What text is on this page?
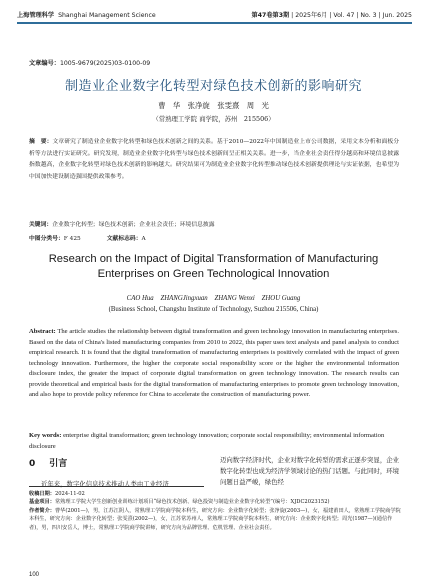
上海管理科学 Shanghai Management Science	第47卷第3期 | 2025年6月 | Vol. 47 | No. 3 | Jun. 2025
文章编号：1005-9679(2025)03-0100-09
制造业企业数字化转型对绿色技术创新的影响研究
曹　华　张净旋　张雯熹　周　光
（常熟理工学院 商学院，苏州　215506）
摘　要：文章研究了制造业企业数字化转型和绿色技术创新之间的关系。基于2010—2022年中国制造业上市公司数据，采用文本分析和面板分析等方法进行实证研究。研究发现，制造业企业数字化转型与绿色技术创新间呈正相关关系。进一步，当企业社会责任得分越高和环境信息披露指数越高，企业数字化转型对绿色技术创新的影响越大。研究结果可为制造业企业数字化转型推动绿色技术创新提供理论与实证依据，也希望为中国加快建设制造强国提供政策参考。
关键词：企业数字化转型；绿色技术创新；企业社会责任；环境信息披露
中图分类号：F 425	文献标志码：A
Research on the Impact of Digital Transformation of Manufacturing Enterprises on Green Technological Innovation
CAO Hua　ZHANGJingxuan　ZHANG Wenxi　ZHOU Guang
(Business School, Changshu Institute of Technology, Suzhou 215506, China)
Abstract: The article studies the relationship between digital transformation and green technology innovation in manufacturing enterprises. Based on the data of China's listed manufacturing companies from 2010 to 2022, this paper uses text analysis and panel analysis to conduct empirical research. It is found that the digital transformation of manufacturing enterprises is positively correlated with the impact of green technology innovation. Furthermore, the higher the corporate social responsibility score or the higher the environmental information disclosure index, the greater the impact of corporate digital transformation on green technology innovation. The research results can provide theoretical and empirical basis for the digital transformation of manufacturing enterprises to promote green technology innovation, and also hope to provide policy reference for China to accelerate the construction of manufacturing power.
Key words: enterprise digital transformation; green technology innovation; corporate social responsibility; environmental information disclosure
0 引言
近年来，数字化信息技术推动人类由工业经济
迈向数字经济时代，企业对数字化转型的需求正逐步突显，企业数字化转型也成为经济学领域讨论的热门话题。与此同时，环境问题日益严峻，绿色经
收稿日期：2024-11-02
基金项目：常熟理工学院大学生创新创业训练计划项目“绿色技术创新、绿色投资与制造业企业数字化转型”(编号：XJDC2023152)
作者简介：曹华(2001—)，男，江苏江阴人，常熟理工学院商学院本科生，研究方向：企业数字化转型；张净旋(2003—)，女，福建莆田人，常熟理工学院商学院本科生，研究方向：企业数字化转型；张雯熹(2002—)，女，江苏常苏州人，常熟理工学院商学院本科生，研究方向：企业数字化转型；周光(1987—)(通信作者)，男，四川安岳人，博士，常熟理工学院商学院讲师，研究方向为品牌管理、危机管理、企业社会责任。
100
